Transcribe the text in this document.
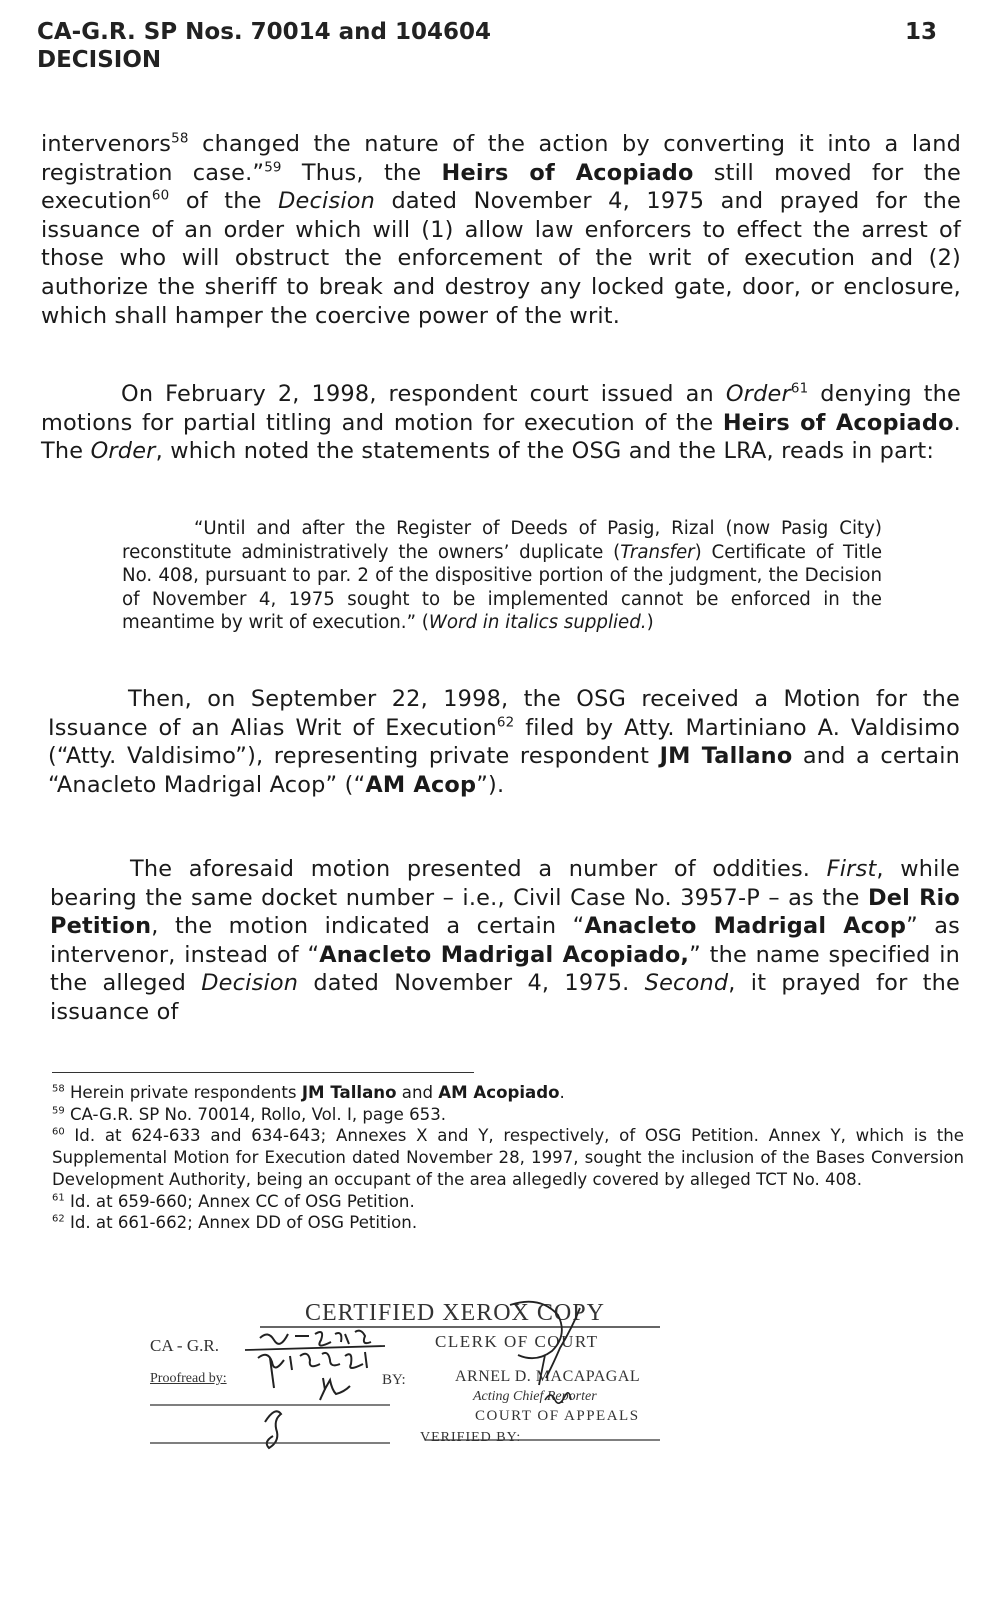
CA-G.R. SP Nos. 70014 and 104604
DECISION
13
intervenors$^{58}$ changed the nature of the action by converting it into a land registration case.”$^{59}$ Thus, the Heirs of Acopiado still moved for the execution$^{60}$ of the Decision dated November 4, 1975 and prayed for the issuance of an order which will (1) allow law enforcers to effect the arrest of those who will obstruct the enforcement of the writ of execution and (2) authorize the sheriff to break and destroy any locked gate, door, or enclosure, which shall hamper the coercive power of the writ.
On February 2, 1998, respondent court issued an Order$^{61}$ denying the motions for partial titling and motion for execution of the Heirs of Acopiado. The Order, which noted the statements of the OSG and the LRA, reads in part:
“Until and after the Register of Deeds of Pasig, Rizal (now Pasig City) reconstitute administratively the owners’ duplicate (Transfer) Certificate of Title No. 408, pursuant to par. 2 of the dispositive portion of the judgment, the Decision of November 4, 1975 sought to be implemented cannot be enforced in the meantime by writ of execution.” (Word in italics supplied.)
Then, on September 22, 1998, the OSG received a Motion for the Issuance of an Alias Writ of Execution$^{62}$ filed by Atty. Martiniano A. Valdisimo (“Atty. Valdisimo”), representing private respondent JM Tallano and a certain “Anacleto Madrigal Acop” (“AM Acop”).
The aforesaid motion presented a number of oddities. First, while bearing the same docket number – i.e., Civil Case No. 3957-P – as the Del Rio Petition, the motion indicated a certain “Anacleto Madrigal Acop” as intervenor, instead of “Anacleto Madrigal Acopiado,” the name specified in the alleged Decision dated November 4, 1975. Second, it prayed for the issuance of

$^{58}$ Herein private respondents JM Tallano and AM Acopiado.

$^{59}$ CA-G.R. SP No. 70014, Rollo, Vol. I, page 653.

$^{60}$ Id. at 624-633 and 634-643; Annexes X and Y, respectively, of OSG Petition. Annex Y, which is the Supplemental Motion for Execution dated November 28, 1997, sought the inclusion of the Bases Conversion Development Authority, being an occupant of the area allegedly covered by alleged TCT No. 408.

$^{61}$ Id. at 659-660; Annex CC of OSG Petition.

$^{62}$ Id. at 661-662; Annex DD of OSG Petition.

CERTIFIED XEROX COPY
CLERK OF COURT
CA - G.R.
Proofread by:	BY:	ARNEL D. MACAPAGAL
Acting Chief Reporter
COURT OF APPEALS
VERIFIED BY:
